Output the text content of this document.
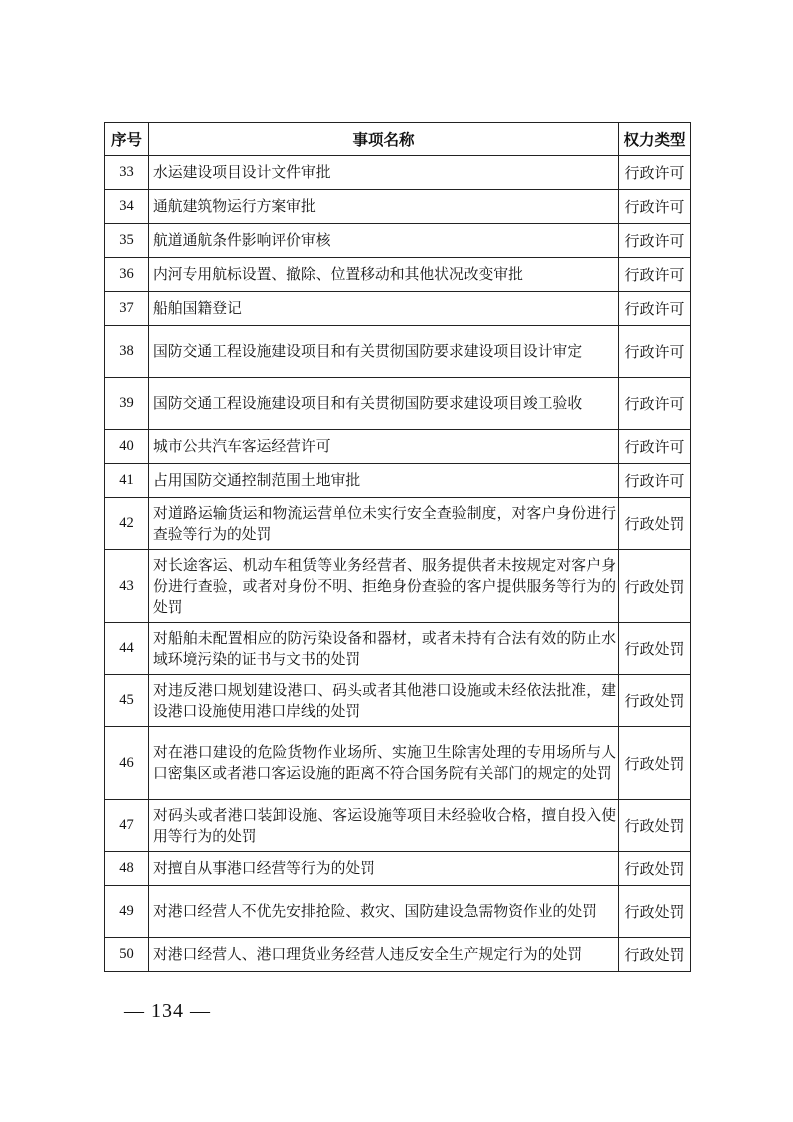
序号	事项名称	权力类型
33	水运建设项目设计文件审批	行政许可
34	通航建筑物运行方案审批	行政许可
35	航道通航条件影响评价审核	行政许可
36	内河专用航标设置、撤除、位置移动和其他状况改变审批	行政许可
37	船舶国籍登记	行政许可
38	国防交通工程设施建设项目和有关贯彻国防要求建设项目设计审定	行政许可
39	国防交通工程设施建设项目和有关贯彻国防要求建设项目竣工验收	行政许可
40	城市公共汽车客运经营许可	行政许可
41	占用国防交通控制范围土地审批	行政许可
42	对道路运输货运和物流运营单位未实行安全查验制度，对客户身份进行查验等行为的处罚	行政处罚
43	对长途客运、机动车租赁等业务经营者、服务提供者未按规定对客户身份进行查验，或者对身份不明、拒绝身份查验的客户提供服务等行为的处罚	行政处罚
44	对船舶未配置相应的防污染设备和器材，或者未持有合法有效的防止水域环境污染的证书与文书的处罚	行政处罚
45	对违反港口规划建设港口、码头或者其他港口设施或未经依法批准，建设港口设施使用港口岸线的处罚	行政处罚
46	对在港口建设的危险货物作业场所、实施卫生除害处理的专用场所与人口密集区或者港口客运设施的距离不符合国务院有关部门的规定的处罚	行政处罚
47	对码头或者港口装卸设施、客运设施等项目未经验收合格，擅自投入使用等行为的处罚	行政处罚
48	对擅自从事港口经营等行为的处罚	行政处罚
49	对港口经营人不优先安排抢险、救灾、国防建设急需物资作业的处罚	行政处罚
50	对港口经营人、港口理货业务经营人违反安全生产规定行为的处罚	行政处罚
— 134 —
